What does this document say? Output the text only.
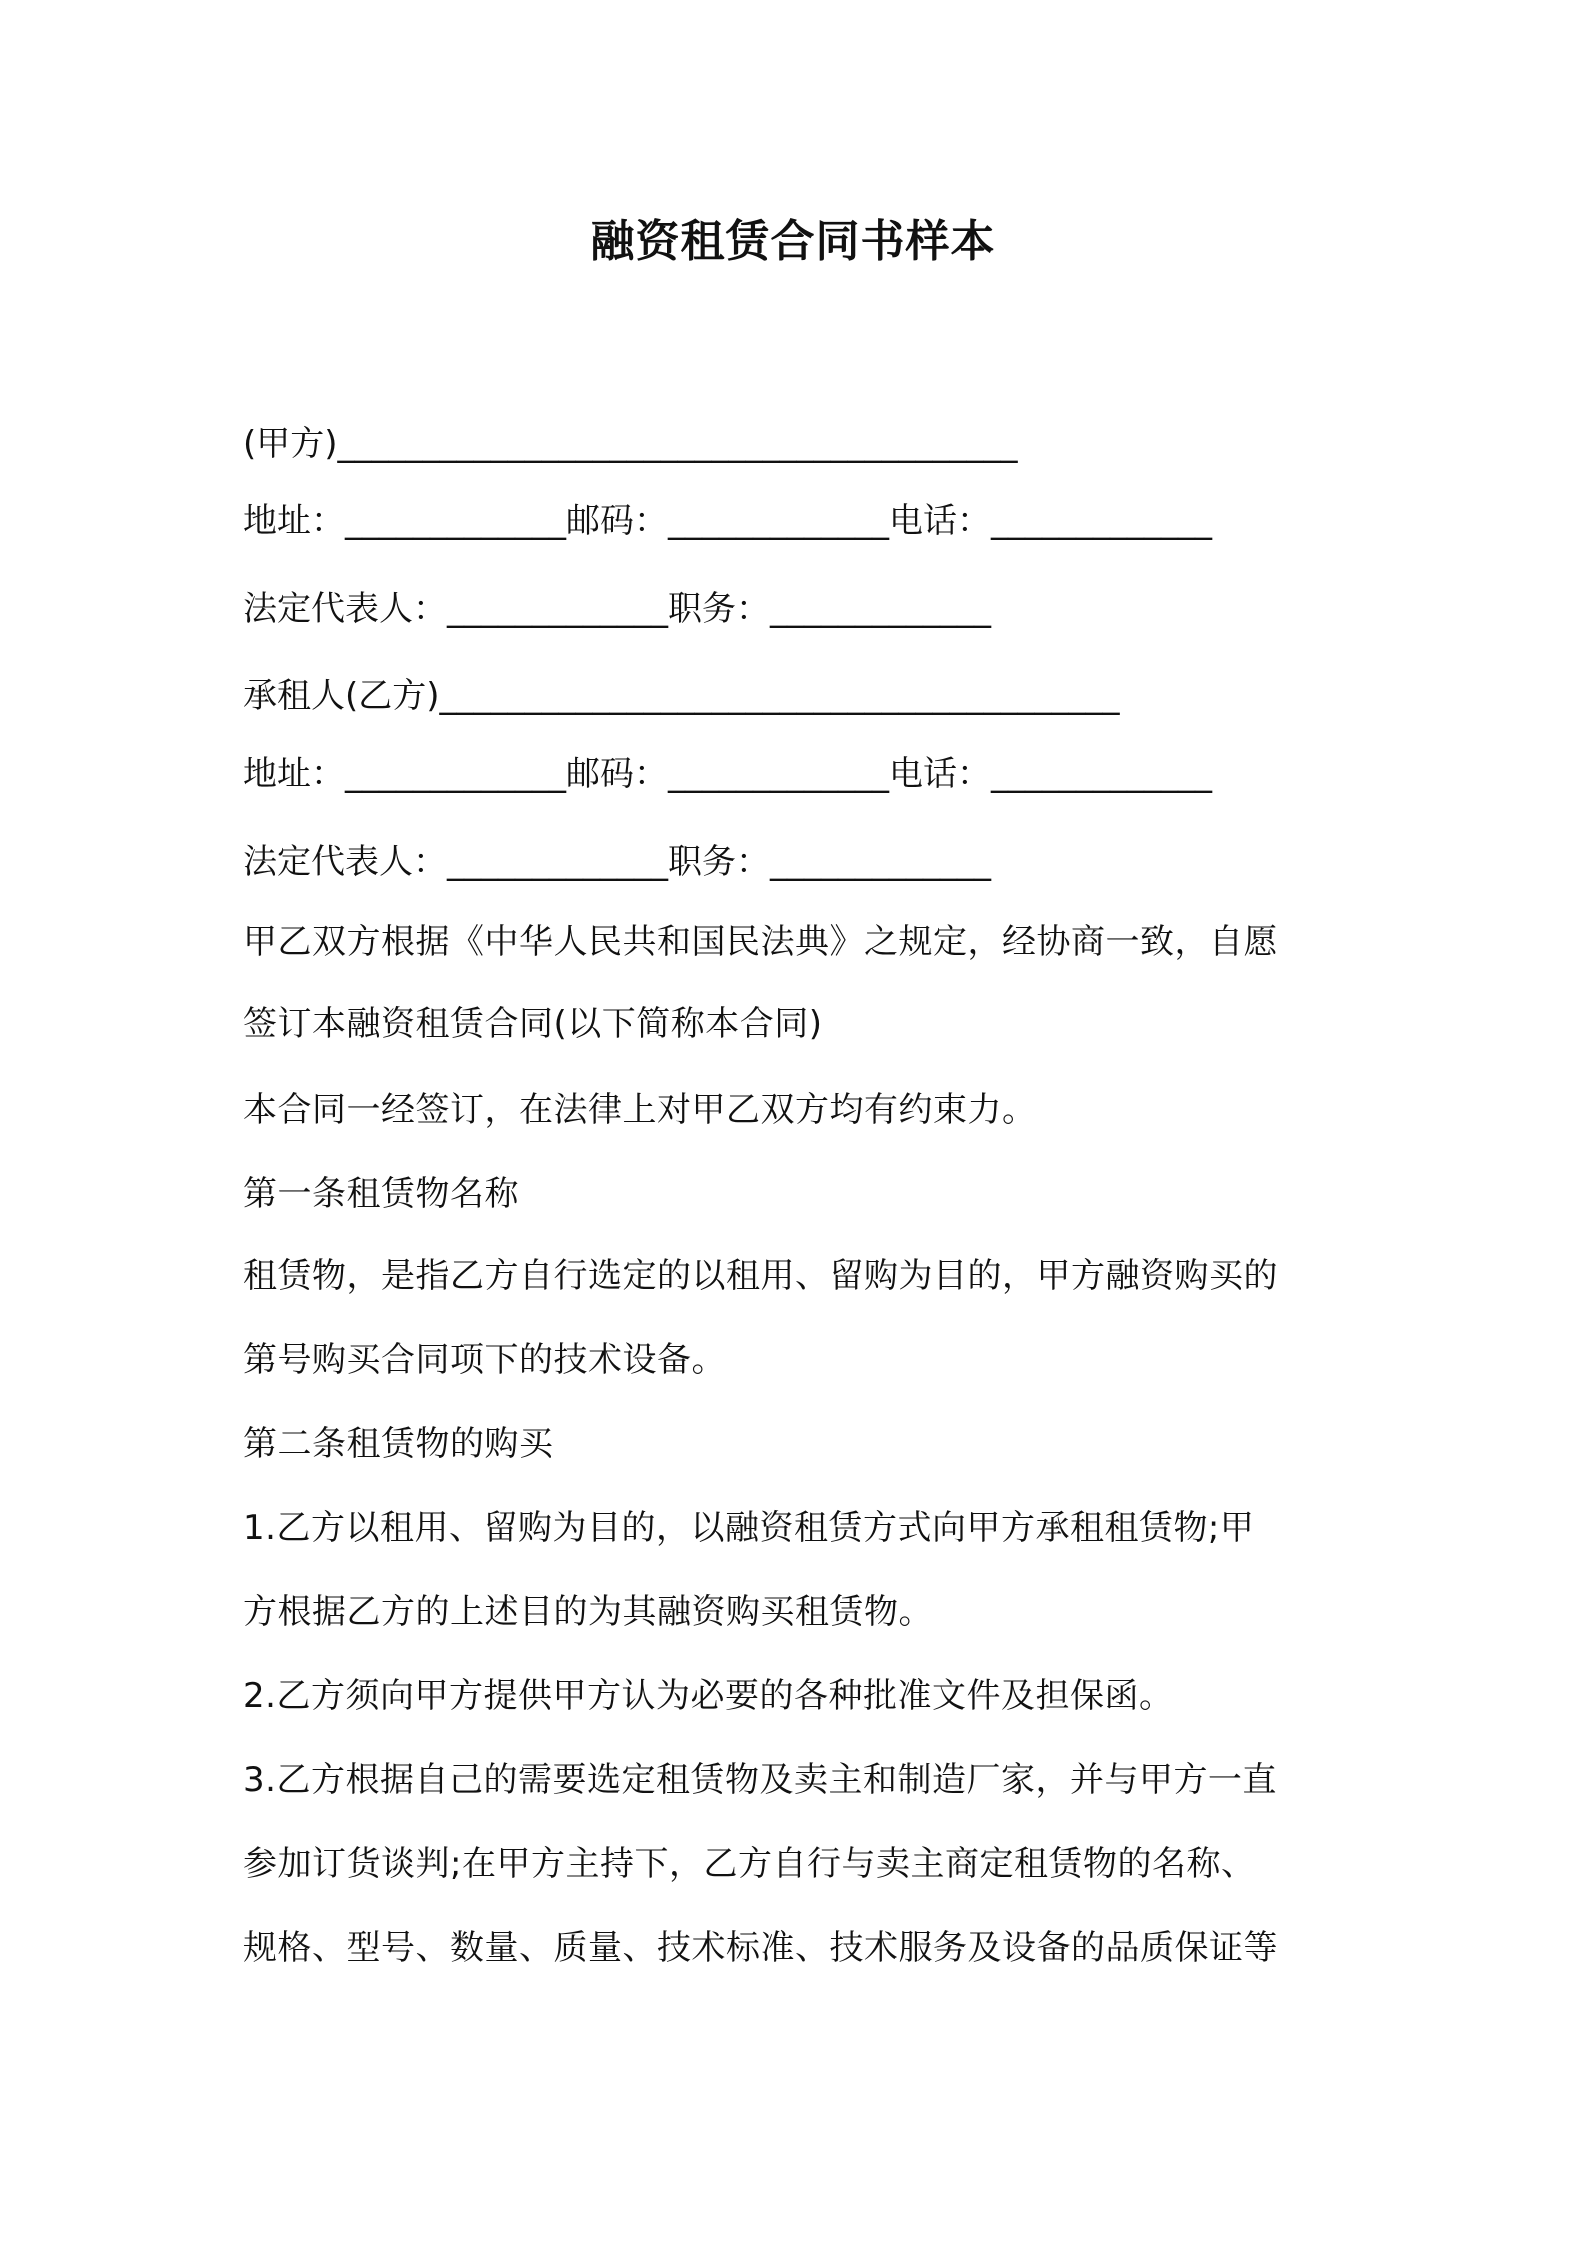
融资租赁合同书样本
(甲方)________________________________________
地址：_____________邮码：_____________电话：_____________
法定代表人：_____________职务：_____________
承租人(乙方)________________________________________
地址：_____________邮码：_____________电话：_____________
法定代表人：_____________职务：_____________
甲乙双方根据《中华人民共和国民法典》之规定，经协商一致，自愿
签订本融资租赁合同(以下简称本合同)
本合同一经签订，在法律上对甲乙双方均有约束力。
第一条租赁物名称
租赁物，是指乙方自行选定的以租用、留购为目的，甲方融资购买的
第号购买合同项下的技术设备。
第二条租赁物的购买
1.乙方以租用、留购为目的，以融资租赁方式向甲方承租租赁物;甲
方根据乙方的上述目的为其融资购买租赁物。
2.乙方须向甲方提供甲方认为必要的各种批准文件及担保函。
3.乙方根据自己的需要选定租赁物及卖主和制造厂家，并与甲方一直
参加订货谈判;在甲方主持下，乙方自行与卖主商定租赁物的名称、
规格、型号、数量、质量、技术标准、技术服务及设备的品质保证等
